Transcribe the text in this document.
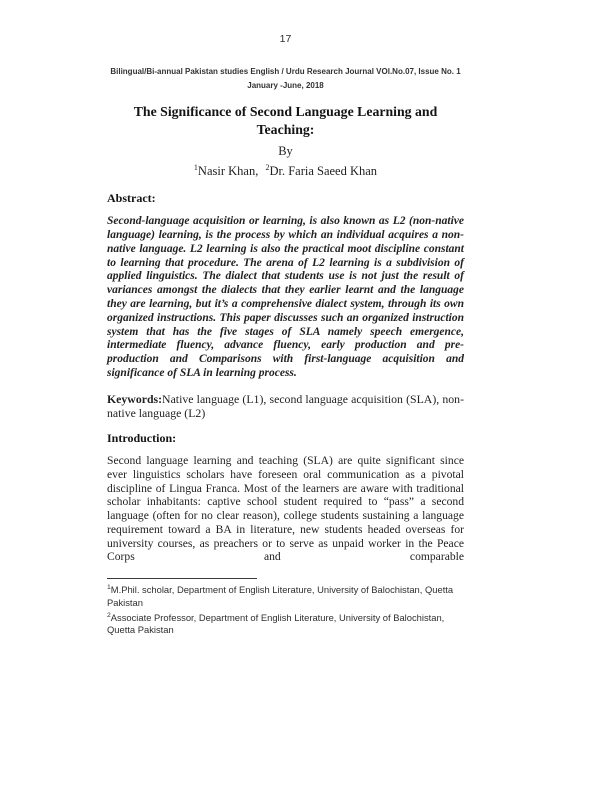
17
Bilingual/Bi-annual Pakistan studies English / Urdu Research Journal VOl.No.07, Issue No. 1
January -June, 2018
The Significance of Second Language Learning and Teaching:
By
$^1$Nasir Khan, $^2$Dr. Faria Saeed Khan
Abstract:

Second-language acquisition or learning, is also known as L2 (non-native language) learning, is the process by which an individual acquires a non-native language. L2 learning is also the practical moot discipline constant to learning that procedure. The arena of L2 learning is a subdivision of applied linguistics. The dialect that students use is not just the result of variances amongst the dialects that they earlier learnt and the language they are learning, but it’s a comprehensive dialect system, through its own organized instructions. This paper discusses such an organized instruction system that has the five stages of SLA namely speech emergence, intermediate fluency, advance fluency, early production and pre-production and Comparisons with first-language acquisition and significance of SLA in learning process.

Keywords:Native language (L1), second language acquisition (SLA), non-native language (L2)

Introduction:

Second language learning and teaching (SLA) are quite significant since ever linguistics scholars have foreseen oral communication as a pivotal discipline of Lingua Franca. Most of the learners are aware with traditional scholar inhabitants: captive school student required to “pass” a second language (often for no clear reason), college students sustaining a language requirement toward a BA in literature, new students headed overseas for university courses, as preachers or to serve as unpaid worker in the Peace Corps and comparable

$^1$M.Phil. scholar, Department of English Literature, University of Balochistan, Quetta Pakistan

$^2$Associate Professor, Department of English Literature, University of Balochistan, Quetta Pakistan
